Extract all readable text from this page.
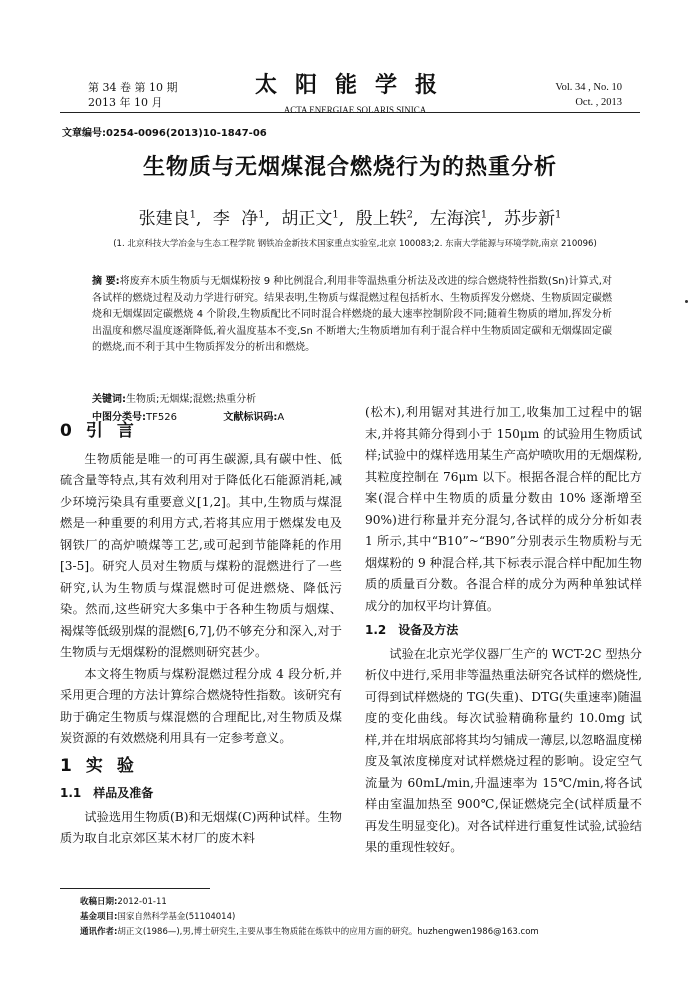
第 34 卷 第 10 期
2013 年 10 月
太阳能学报
ACTA ENERGIAE SOLARIS SINICA
Vol. 34 , No. 10
Oct. , 2013
文章编号:0254-0096(2013)10-1847-06
生物质与无烟煤混合燃烧行为的热重分析
张建良$^1$, 李 净$^1$, 胡正文$^1$, 殷上轶$^2$, 左海滨$^1$, 苏步新$^1$
(1. 北京科技大学冶金与生态工程学院 钢铁冶金新技术国家重点实验室,北京 100083;2. 东南大学能源与环境学院,南京 210096)
摘 要:将废弃木质生物质与无烟煤粉按 9 种比例混合,利用非等温热重分析法及改进的综合燃烧特性指数(Sn)计算式,对各试样的燃烧过程及动力学进行研究。结果表明,生物质与煤混燃过程包括析水、生物质挥发分燃烧、生物质固定碳燃烧和无烟煤固定碳燃烧 4 个阶段,生物质配比不同时混合样燃烧的最大速率控制阶段不同;随着生物质的增加,挥发分析出温度和燃尽温度逐渐降低,着火温度基本不变,Sn 不断增大;生物质增加有利于混合样中生物质固定碳和无烟煤固定碳的燃烧,而不利于其中生物质挥发分的析出和燃烧。
关键词:生物质;无烟煤;混燃;热重分析
中图分类号:TF526	文献标识码:A
0 引言

生物质能是唯一的可再生碳源,具有碳中性、低硫含量等特点,其有效利用对于降低化石能源消耗,减少环境污染具有重要意义[1,2]。其中,生物质与煤混燃是一种重要的利用方式,若将其应用于燃煤发电及钢铁厂的高炉喷煤等工艺,或可起到节能降耗的作用[3-5]。研究人员对生物质与煤粉的混燃进行了一些研究,认为生物质与煤混燃时可促进燃烧、降低污染。然而,这些研究大多集中于各种生物质与烟煤、褐煤等低级别煤的混燃[6,7],仍不够充分和深入,对于生物质与无烟煤粉的混燃则研究甚少。

本文将生物质与煤粉混燃过程分成 4 段分析,并采用更合理的方法计算综合燃烧特性指数。该研究有助于确定生物质与煤混燃的合理配比,对生物质及煤炭资源的有效燃烧利用具有一定参考意义。

1 实验
1.1 样品及准备

试验选用生物质(B)和无烟煤(C)两种试样。生物质为取自北京郊区某木材厂的废木料

(松木),利用锯对其进行加工,收集加工过程中的锯末,并将其筛分得到小于 150μm 的试验用生物质试样;试验中的煤样选用某生产高炉喷吹用的无烟煤粉,其粒度控制在 76μm 以下。根据各混合样的配比方案(混合样中生物质的质量分数由 10% 逐渐增至 90%)进行称量并充分混匀,各试样的成分分析如表 1 所示,其中“B10”~“B90”分别表示生物质粉与无烟煤粉的 9 种混合样,其下标表示混合样中配加生物质的质量百分数。各混合样的成分为两种单独试样成分的加权平均计算值。

1.2 设备及方法

试验在北京光学仪器厂生产的 WCT-2C 型热分析仪中进行,采用非等温热重法研究各试样的燃烧性,可得到试样燃烧的 TG(失重)、DTG(失重速率)随温度的变化曲线。每次试验精确称量约 10.0mg 试样,并在坩埚底部将其均匀铺成一薄层,以忽略温度梯度及氧浓度梯度对试样燃烧过程的影响。设定空气流量为 60mL/min,升温速率为 15℃/min,将各试样由室温加热至 900℃,保证燃烧完全(试样质量不再发生明显变化)。对各试样进行重复性试验,试验结果的重现性较好。

收稿日期:2012-01-11
基金项目:国家自然科学基金(51104014)
通讯作者:胡正文(1986—),男,博士研究生,主要从事生物质能在炼铁中的应用方面的研究。huzhengwen1986@163.com
